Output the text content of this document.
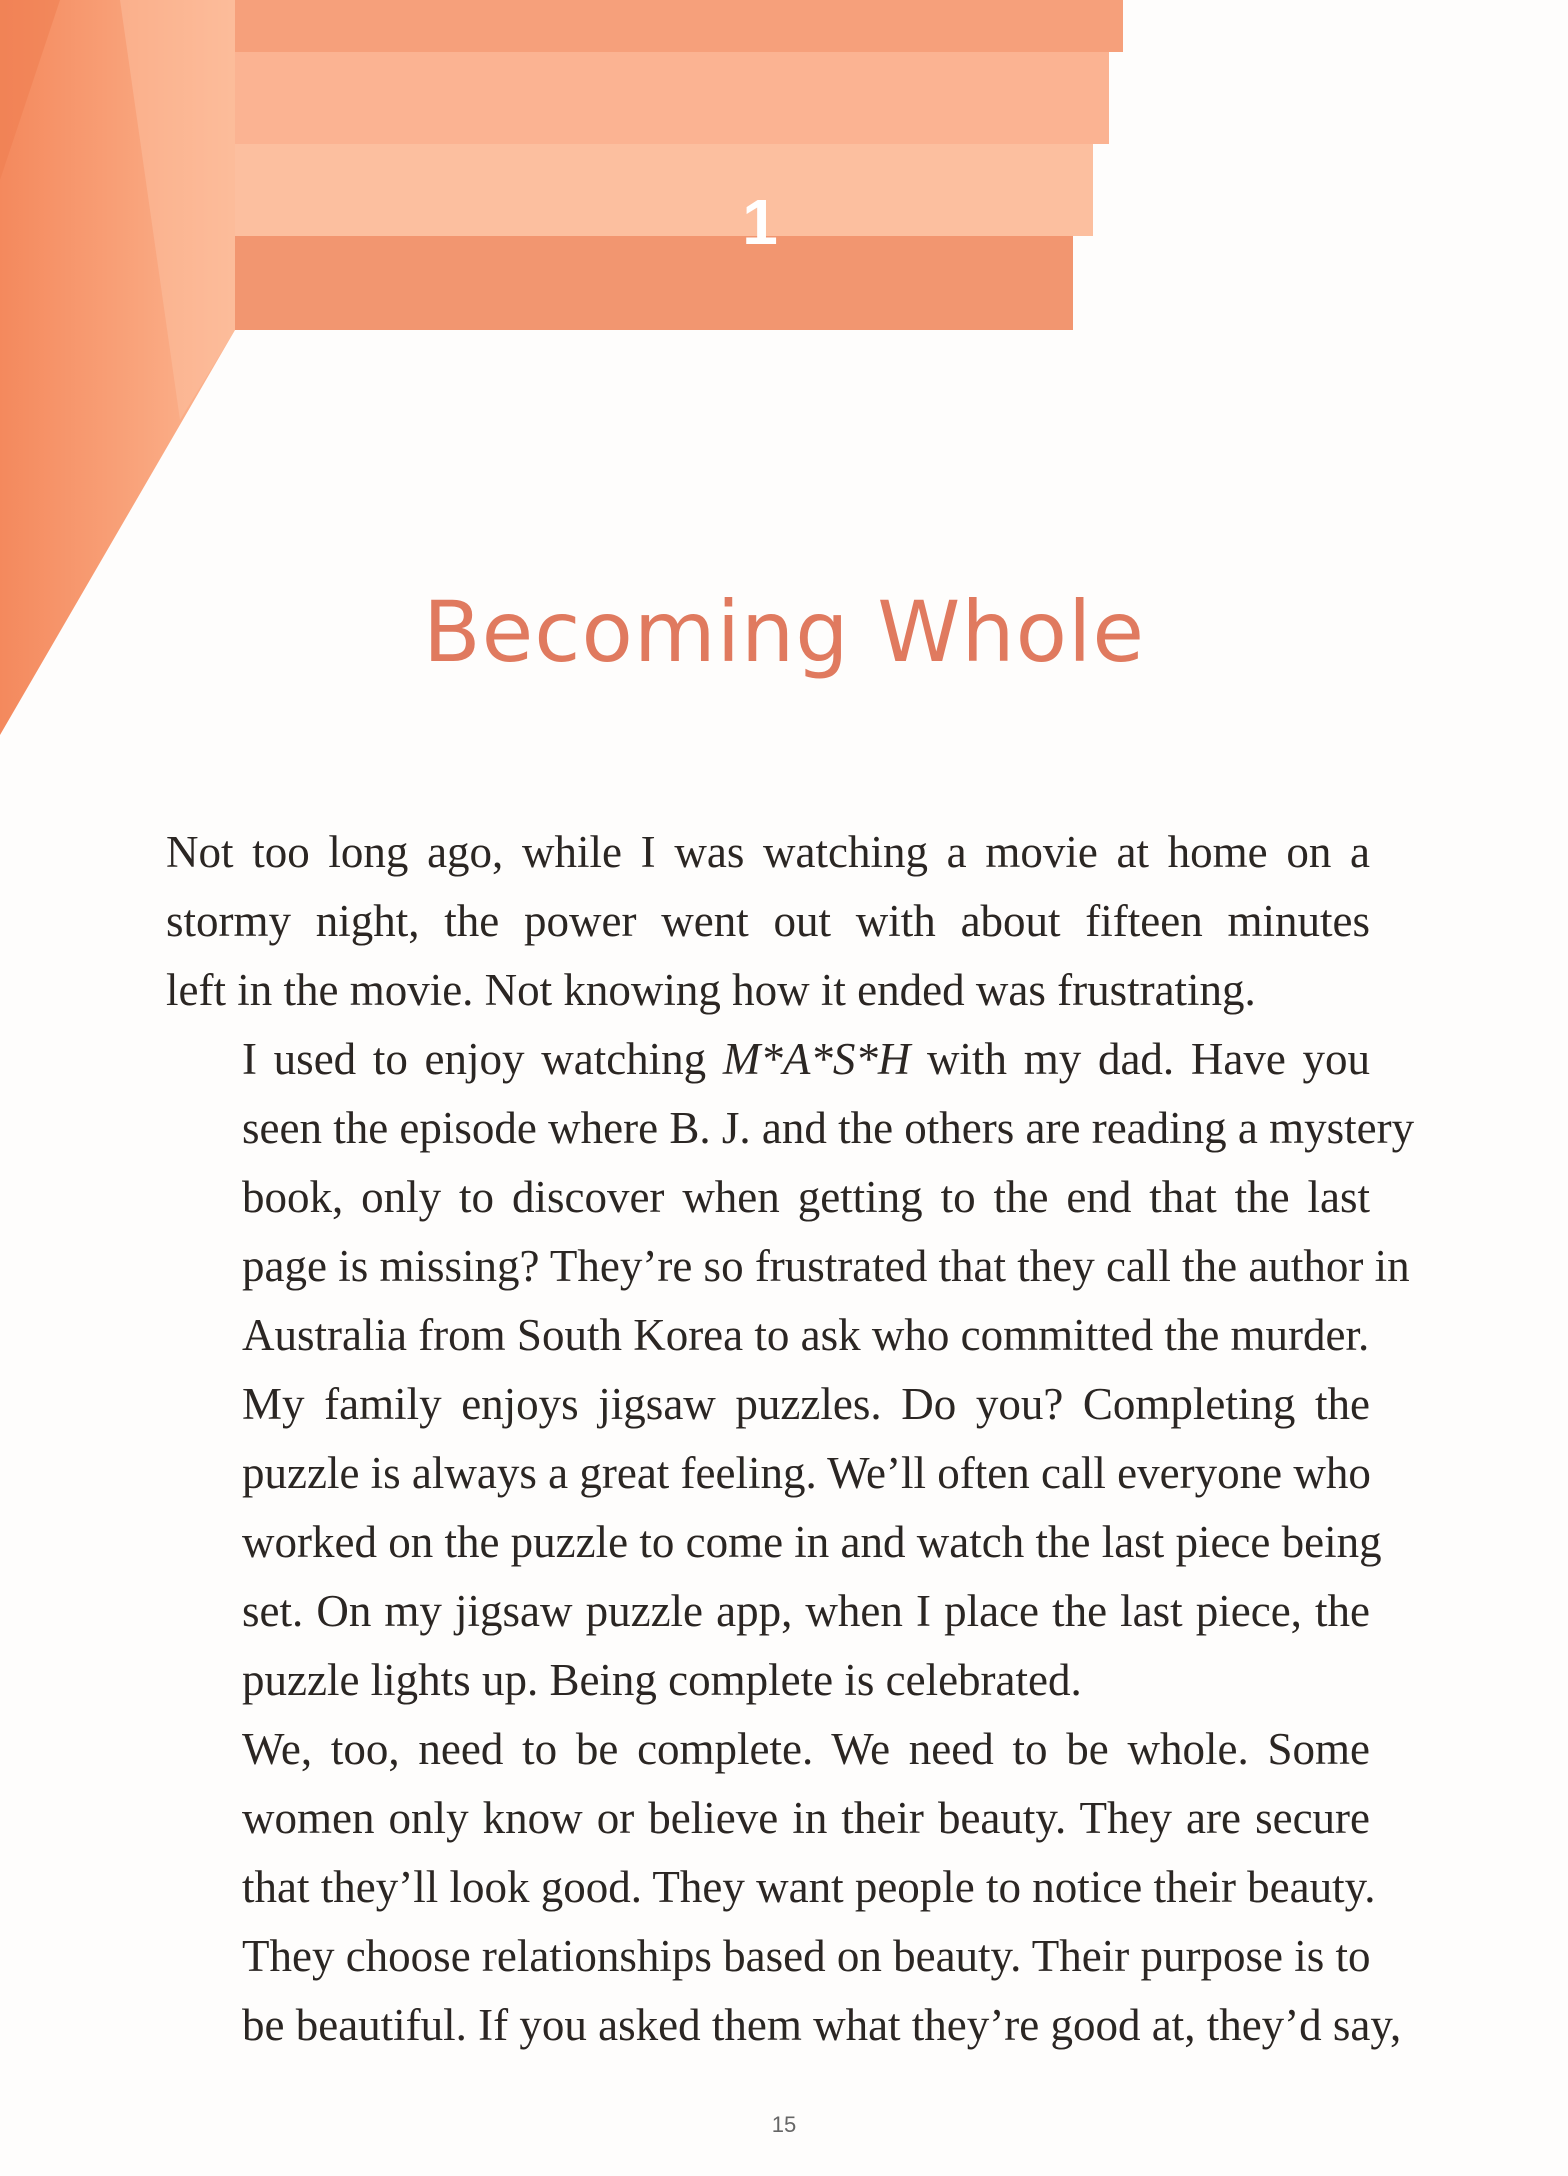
1
Becoming Whole

Not too long ago, while I was watching a movie at home on a
stormy night, the power went out with about fifteen minutes
left in the movie. Not knowing how it ended was frustrating.

I used to enjoy watching M*A*S*H with my dad. Have you
seen the episode where B. J. and the others are reading a mystery
book, only to discover when getting to the end that the last
page is missing? They’re so frustrated that they call the author in
Australia from South Korea to ask who committed the murder.

My family enjoys jigsaw puzzles. Do you? Completing the
puzzle is always a great feeling. We’ll often call everyone who
worked on the puzzle to come in and watch the last piece being
set. On my jigsaw puzzle app, when I place the last piece, the
puzzle lights up. Being complete is celebrated.

We, too, need to be complete. We need to be whole. Some
women only know or believe in their beauty. They are secure
that they’ll look good. They want people to notice their beauty.
They choose relationships based on beauty. Their purpose is to
be beautiful. If you asked them what they’re good at, they’d say,

15
